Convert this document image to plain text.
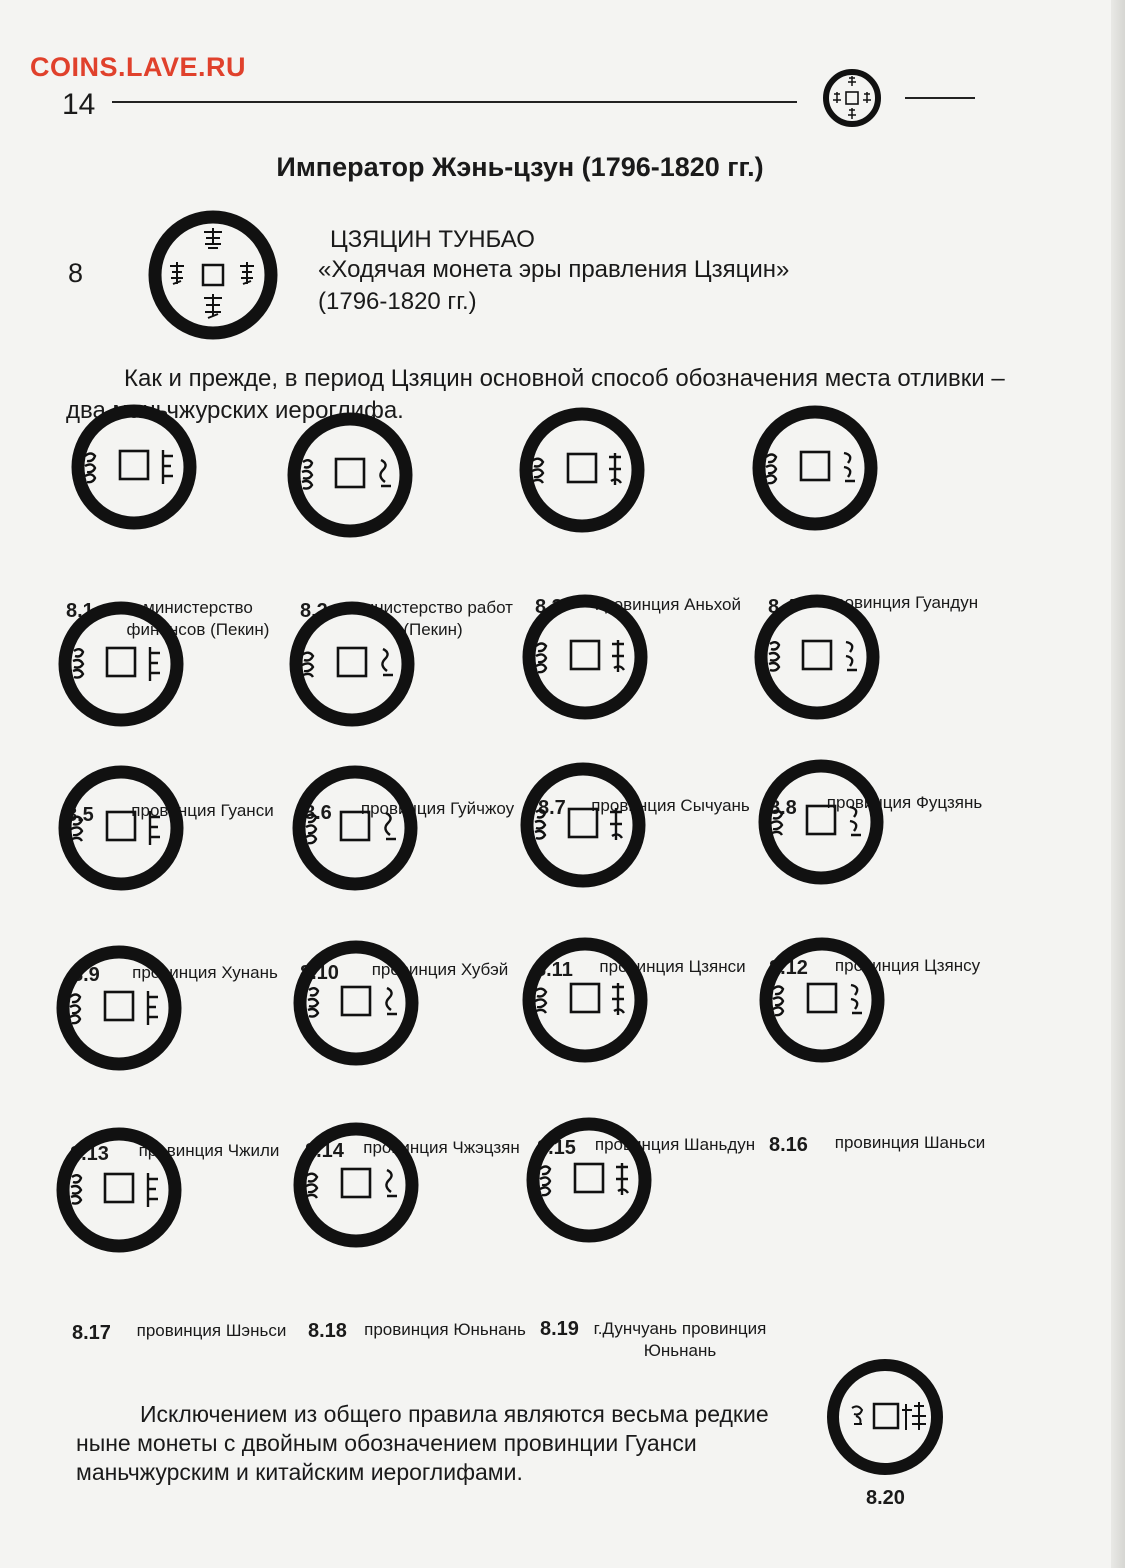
COINS.LAVE.RU
14
Император Жэнь-цзун (1796-1820 гг.)
8
ЦЗЯЦИН ТУНБАО
«Ходячая монета эры правления Цзяцин»
(1796-1820 гг.)
Как и прежде, в период Цзяцин основной способ обозначения места отливки – два маньчжурских иероглифа.
8.1	министерство финансов (Пекин)
8.2 министерство работ (Пекин)
8.3	провинция Аньхой	8.4	провинция Гуандун
8.5	провинция Гуанси	8.6	провинция Гуйчжоу	8.7	провинция Сычуань 8.8	провинция Фуцзянь
8.9	провинция Хунань	8.10	провинция Хубэй	8.11	провинция Цзянси	8.12	провинция Цзянсу
8.13	провинция Чжили	8.14	провинция Чжэцзян 8.15	провинция Шаньдун 8.16	провинция Шаньси
8.17	провинция Шэньси	8.18	провинция Юньнань 8.19 г.Дунчуань провинция Юньнань
Исключением из общего правила являются весьма редкие ныне монеты с двойным обозначением провинции Гуанси маньчжурским и китайским иероглифами.
8.20
